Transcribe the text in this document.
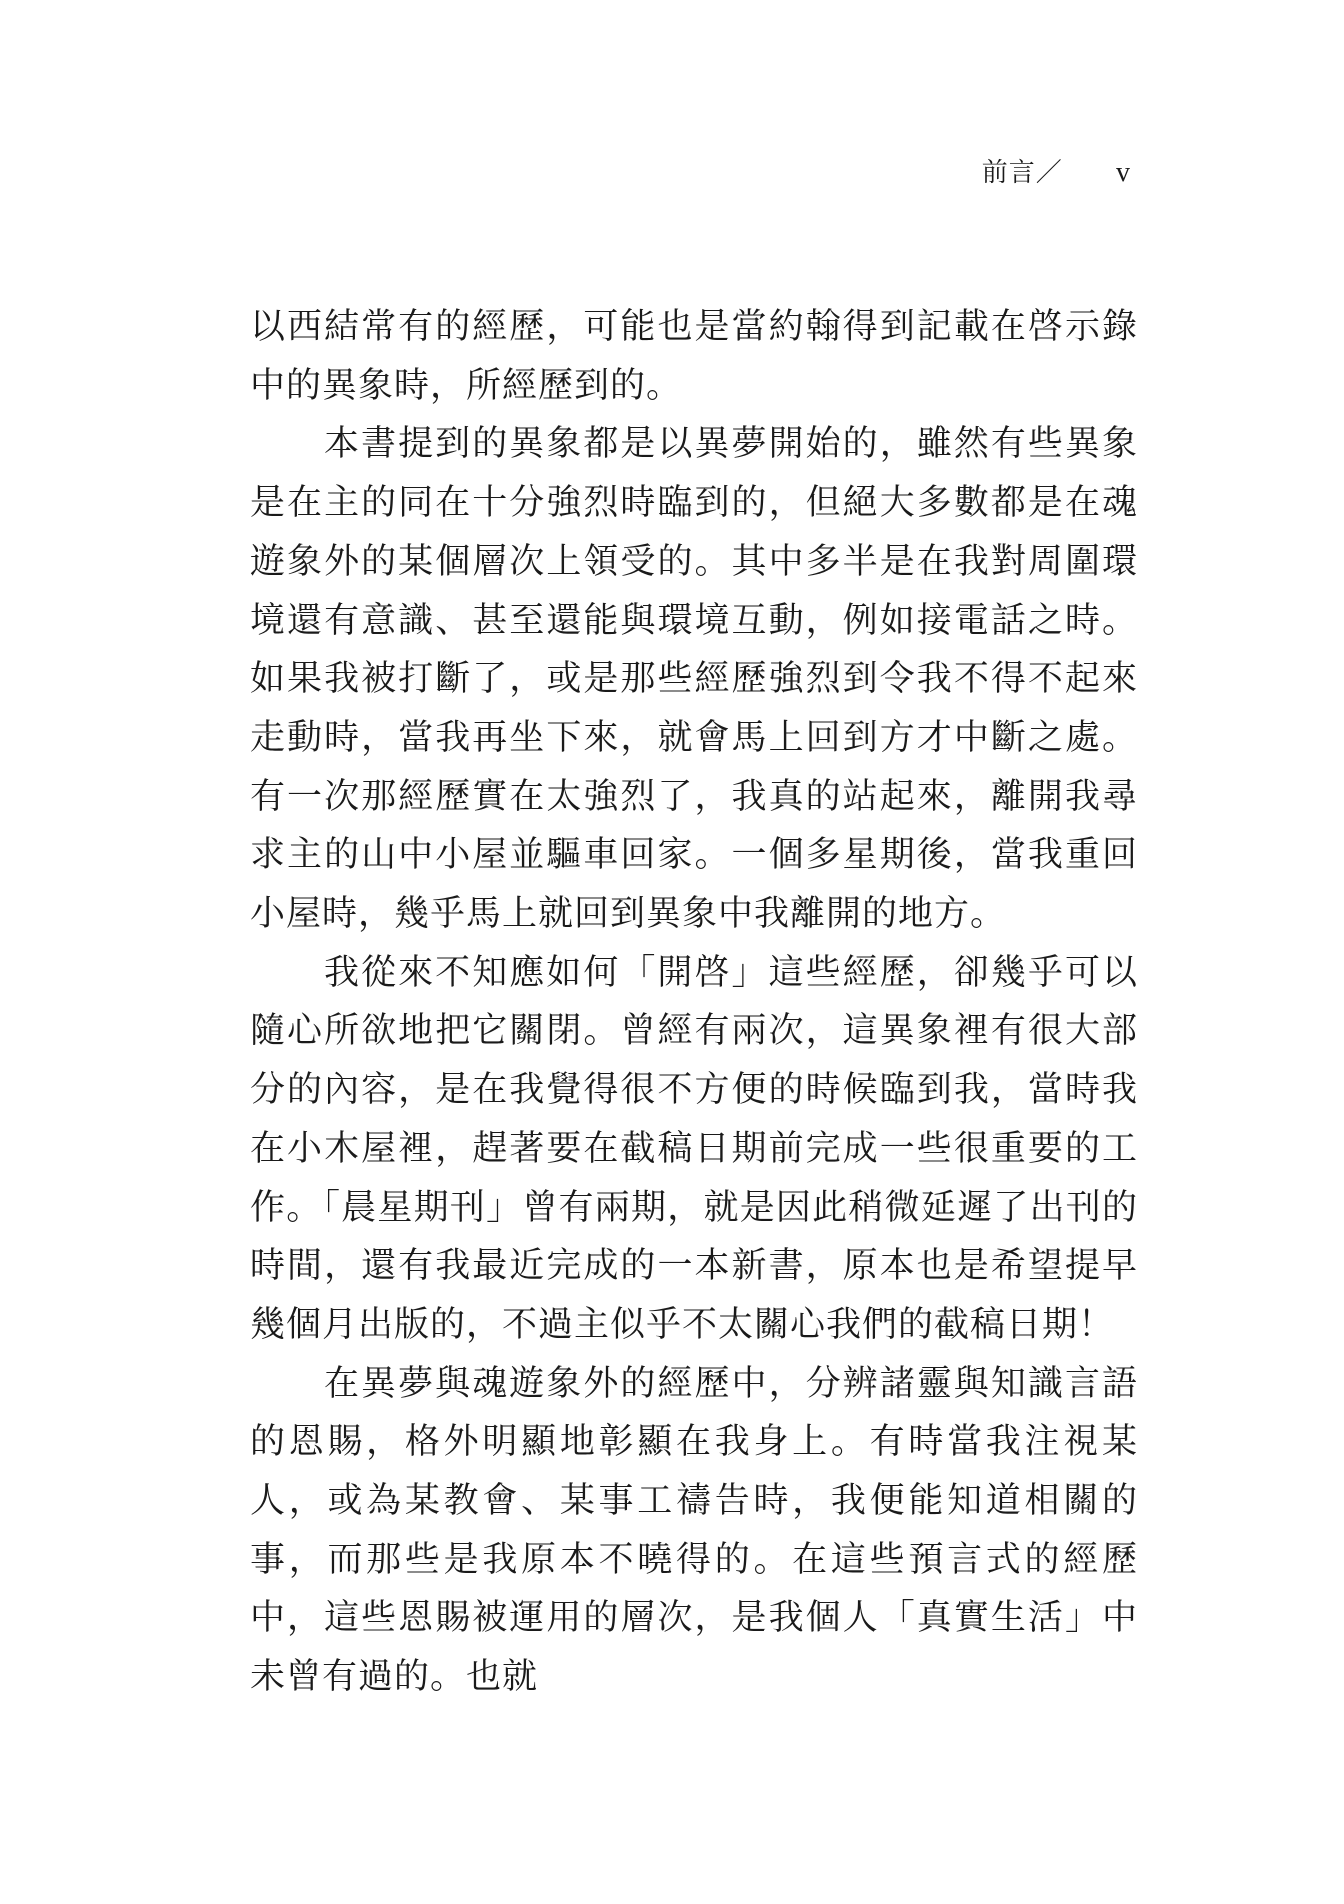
前言／ v

以西結常有的經歷，可能也是當約翰得到記載在啓示錄中的異象時，所經歷到的。

本書提到的異象都是以異夢開始的，雖然有些異象是在主的同在十分強烈時臨到的，但絕大多數都是在魂遊象外的某個層次上領受的。其中多半是在我對周圍環境還有意識、甚至還能與環境互動，例如接電話之時。如果我被打斷了，或是那些經歷強烈到令我不得不起來走動時，當我再坐下來，就會馬上回到方才中斷之處。有一次那經歷實在太強烈了，我真的站起來，離開我尋求主的山中小屋並驅車回家。一個多星期後，當我重回小屋時，幾乎馬上就回到異象中我離開的地方。

我從來不知應如何「開啓」這些經歷，卻幾乎可以隨心所欲地把它關閉。曾經有兩次，這異象裡有很大部分的內容，是在我覺得很不方便的時候臨到我，當時我在小木屋裡，趕著要在截稿日期前完成一些很重要的工作。「晨星期刊」曾有兩期，就是因此稍微延遲了出刊的時間，還有我最近完成的一本新書，原本也是希望提早幾個月出版的，不過主似乎不太關心我們的截稿日期！

在異夢與魂遊象外的經歷中，分辨諸靈與知識言語的恩賜，格外明顯地彰顯在我身上。有時當我注視某人，或為某教會、某事工禱告時，我便能知道相關的事，而那些是我原本不曉得的。在這些預言式的經歷中，這些恩賜被運用的層次，是我個人「真實生活」中未曾有過的。也就
